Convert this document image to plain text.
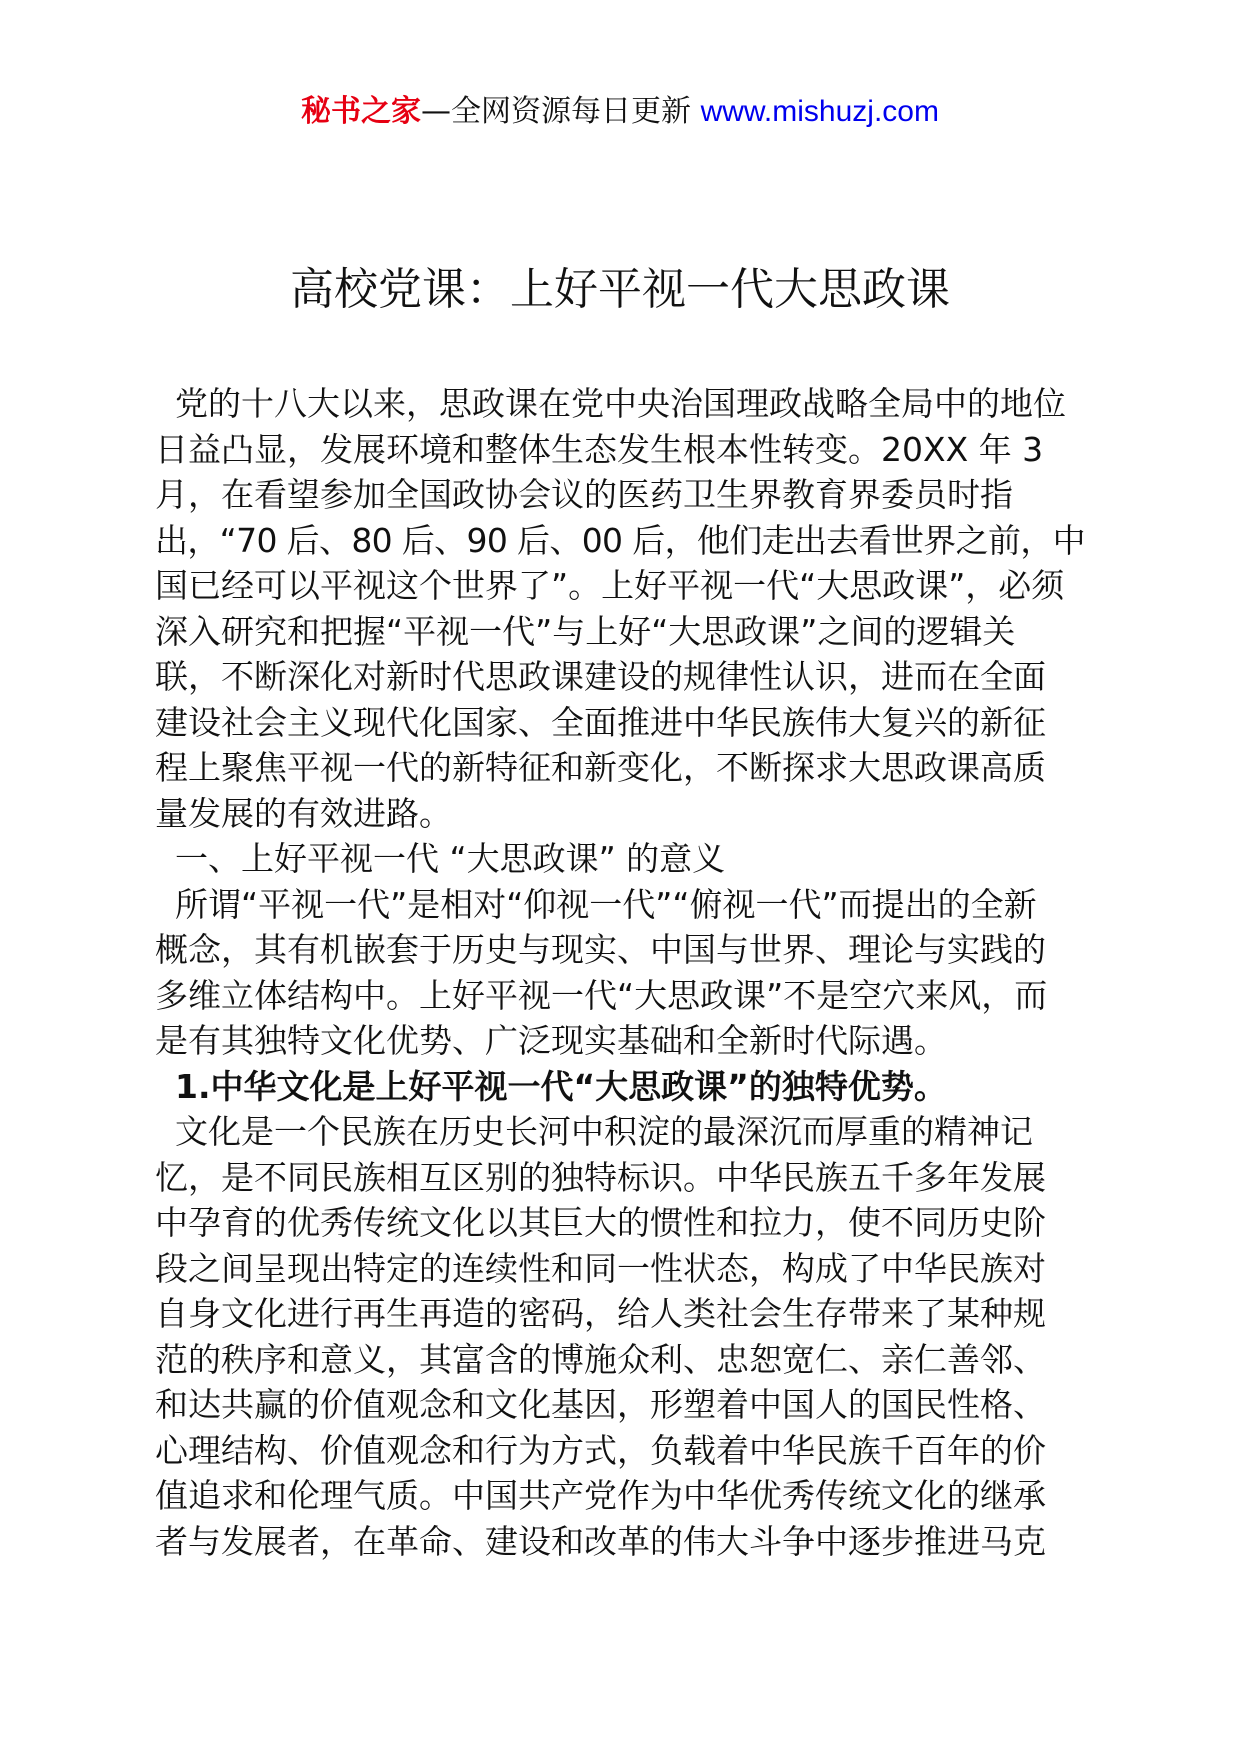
秘书之家—全网资源每日更新 www.mishuzj.com
高校党课：上好平视一代大思政课
党的十八大以来，思政课在党中央治国理政战略全局中的地位
日益凸显，发展环境和整体生态发生根本性转变。20XX 年 3
月，在看望参加全国政协会议的医药卫生界教育界委员时指
出，“70 后、80 后、90 后、00 后，他们走出去看世界之前，中
国已经可以平视这个世界了”。上好平视一代“大思政课”，必须
深入研究和把握“平视一代”与上好“大思政课”之间的逻辑关
联，不断深化对新时代思政课建设的规律性认识，进而在全面
建设社会主义现代化国家、全面推进中华民族伟大复兴的新征
程上聚焦平视一代的新特征和新变化，不断探求大思政课高质
量发展的有效进路。
一、上好平视一代 “大思政课” 的意义
所谓“平视一代”是相对“仰视一代”“俯视一代”而提出的全新
概念，其有机嵌套于历史与现实、中国与世界、理论与实践的
多维立体结构中。上好平视一代“大思政课”不是空穴来风，而
是有其独特文化优势、广泛现实基础和全新时代际遇。
1.中华文化是上好平视一代“大思政课”的独特优势。
文化是一个民族在历史长河中积淀的最深沉而厚重的精神记
忆，是不同民族相互区别的独特标识。中华民族五千多年发展
中孕育的优秀传统文化以其巨大的惯性和拉力，使不同历史阶
段之间呈现出特定的连续性和同一性状态，构成了中华民族对
自身文化进行再生再造的密码，给人类社会生存带来了某种规
范的秩序和意义，其富含的博施众利、忠恕宽仁、亲仁善邻、
和达共赢的价值观念和文化基因，形塑着中国人的国民性格、
心理结构、价值观念和行为方式，负载着中华民族千百年的价
值追求和伦理气质。中国共产党作为中华优秀传统文化的继承
者与发展者，在革命、建设和改革的伟大斗争中逐步推进马克
